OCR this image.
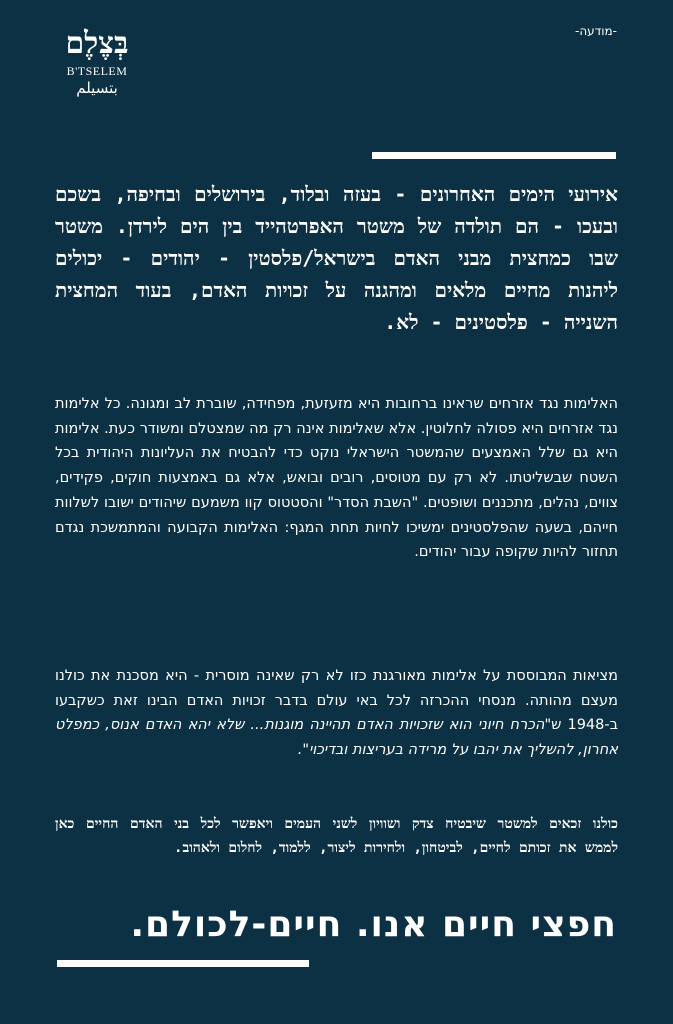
בְּצֶלֶם
B'TSELEM
بتسيلم
-מודעה-

אירועי הימים האחרונים - בעזה ובלוד, בירושלים ובחיפה, בשכם ובעכו - הם תולדה של משטר האפרטהייד בין הים לירדן. משטר שבו כמחצית מבני האדם בישראל/פלסטין - יהודים - יכולים ליהנות מחיים מלאים ומהגנה על זכויות האדם, בעוד המחצית השנייה - פלסטינים - לא.

האלימות נגד אזרחים שראינו ברחובות היא מזעזעת, מפחידה, שוברת לב ומגונה. כל אלימות נגד אזרחים היא פסולה לחלוטין. אלא שאלימות אינה רק מה שמצטלם ומשודר כעת. אלימות היא גם שלל האמצעים שהמשטר הישראלי נוקט כדי להבטיח את העליונות היהודית בכל השטח שבשליטתו. לא רק עם מטוסים, רובים ובואש, אלא גם באמצעות חוקים, פקידים, צווים, נהלים, מתכננים ושופטים. "השבת הסדר" והסטטוס קוו משמעם שיהודים ישובו לשלוות חייהם, בשעה שהפלסטינים ימשיכו לחיות תחת המגף: האלימות הקבועה והמתמשכת נגדם תחזור להיות שקופה עבור יהודים.

מציאות המבוססת על אלימות מאורגנת כזו לא רק שאינה מוסרית - היא מסכנת את כולנו מעצם מהותה. מנסחי ההכרזה לכל באי עולם בדבר זכויות האדם הבינו זאת כשקבעו ב-1948 ש"הכרח חיוני הוא שזכויות האדם תהיינה מוגנות... שלא יהא האדם אנוס, כמפלט אחרון, להשליך את יהבו על מרידה בעריצות ובדיכוי".

כולנו זכאים למשטר שיבטיח צדק ושוויון לשני העמים ויאפשר לכל בני האדם החיים כאן לממש את זכותם לחיים, לביטחון, ולחירות ליצור, ללמוד, לחלום ולאהוב.

חפצי חיים אנו. חיים-לכולם.
